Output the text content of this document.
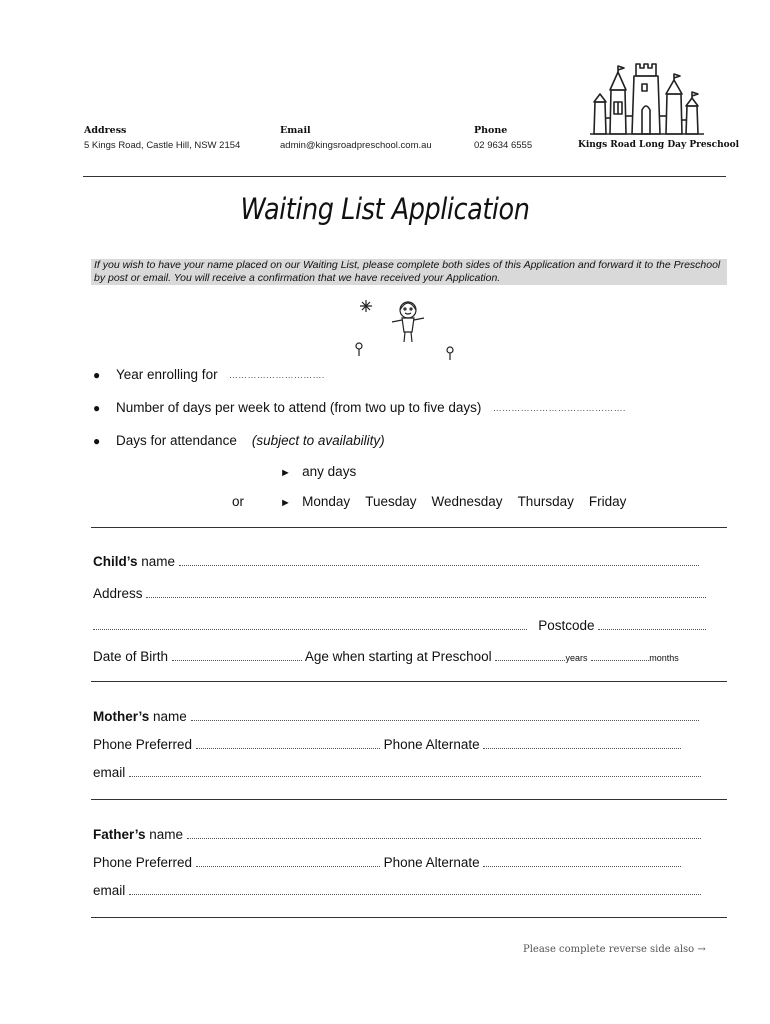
Address
5 Kings Road, Castle Hill, NSW 2154
Email
admin@kingsroadpreschool.com.au
Phone
02 9634 6555	Kings Road Long Day Preschool
Waiting List Application
If you wish to have your name placed on our Waiting List, please complete both sides of this Application and forward it to the Preschool by post or email. You will receive a confirmation that we have received your Application.
● Year enrolling for ………………………….
● Number of days per week to attend (from two up to five days) …………………………………….
● Days for attendance (subject to availability)
► any days
or	► Monday Tuesday Wednesday Thursday Friday
Child’s name
Address
Postcode
Date of Birth	Age when starting at Preschool	years	months
Mother’s name
Phone Preferred	Phone Alternate
email
Father’s name
Phone Preferred	Phone Alternate
email
Please complete reverse side also →
